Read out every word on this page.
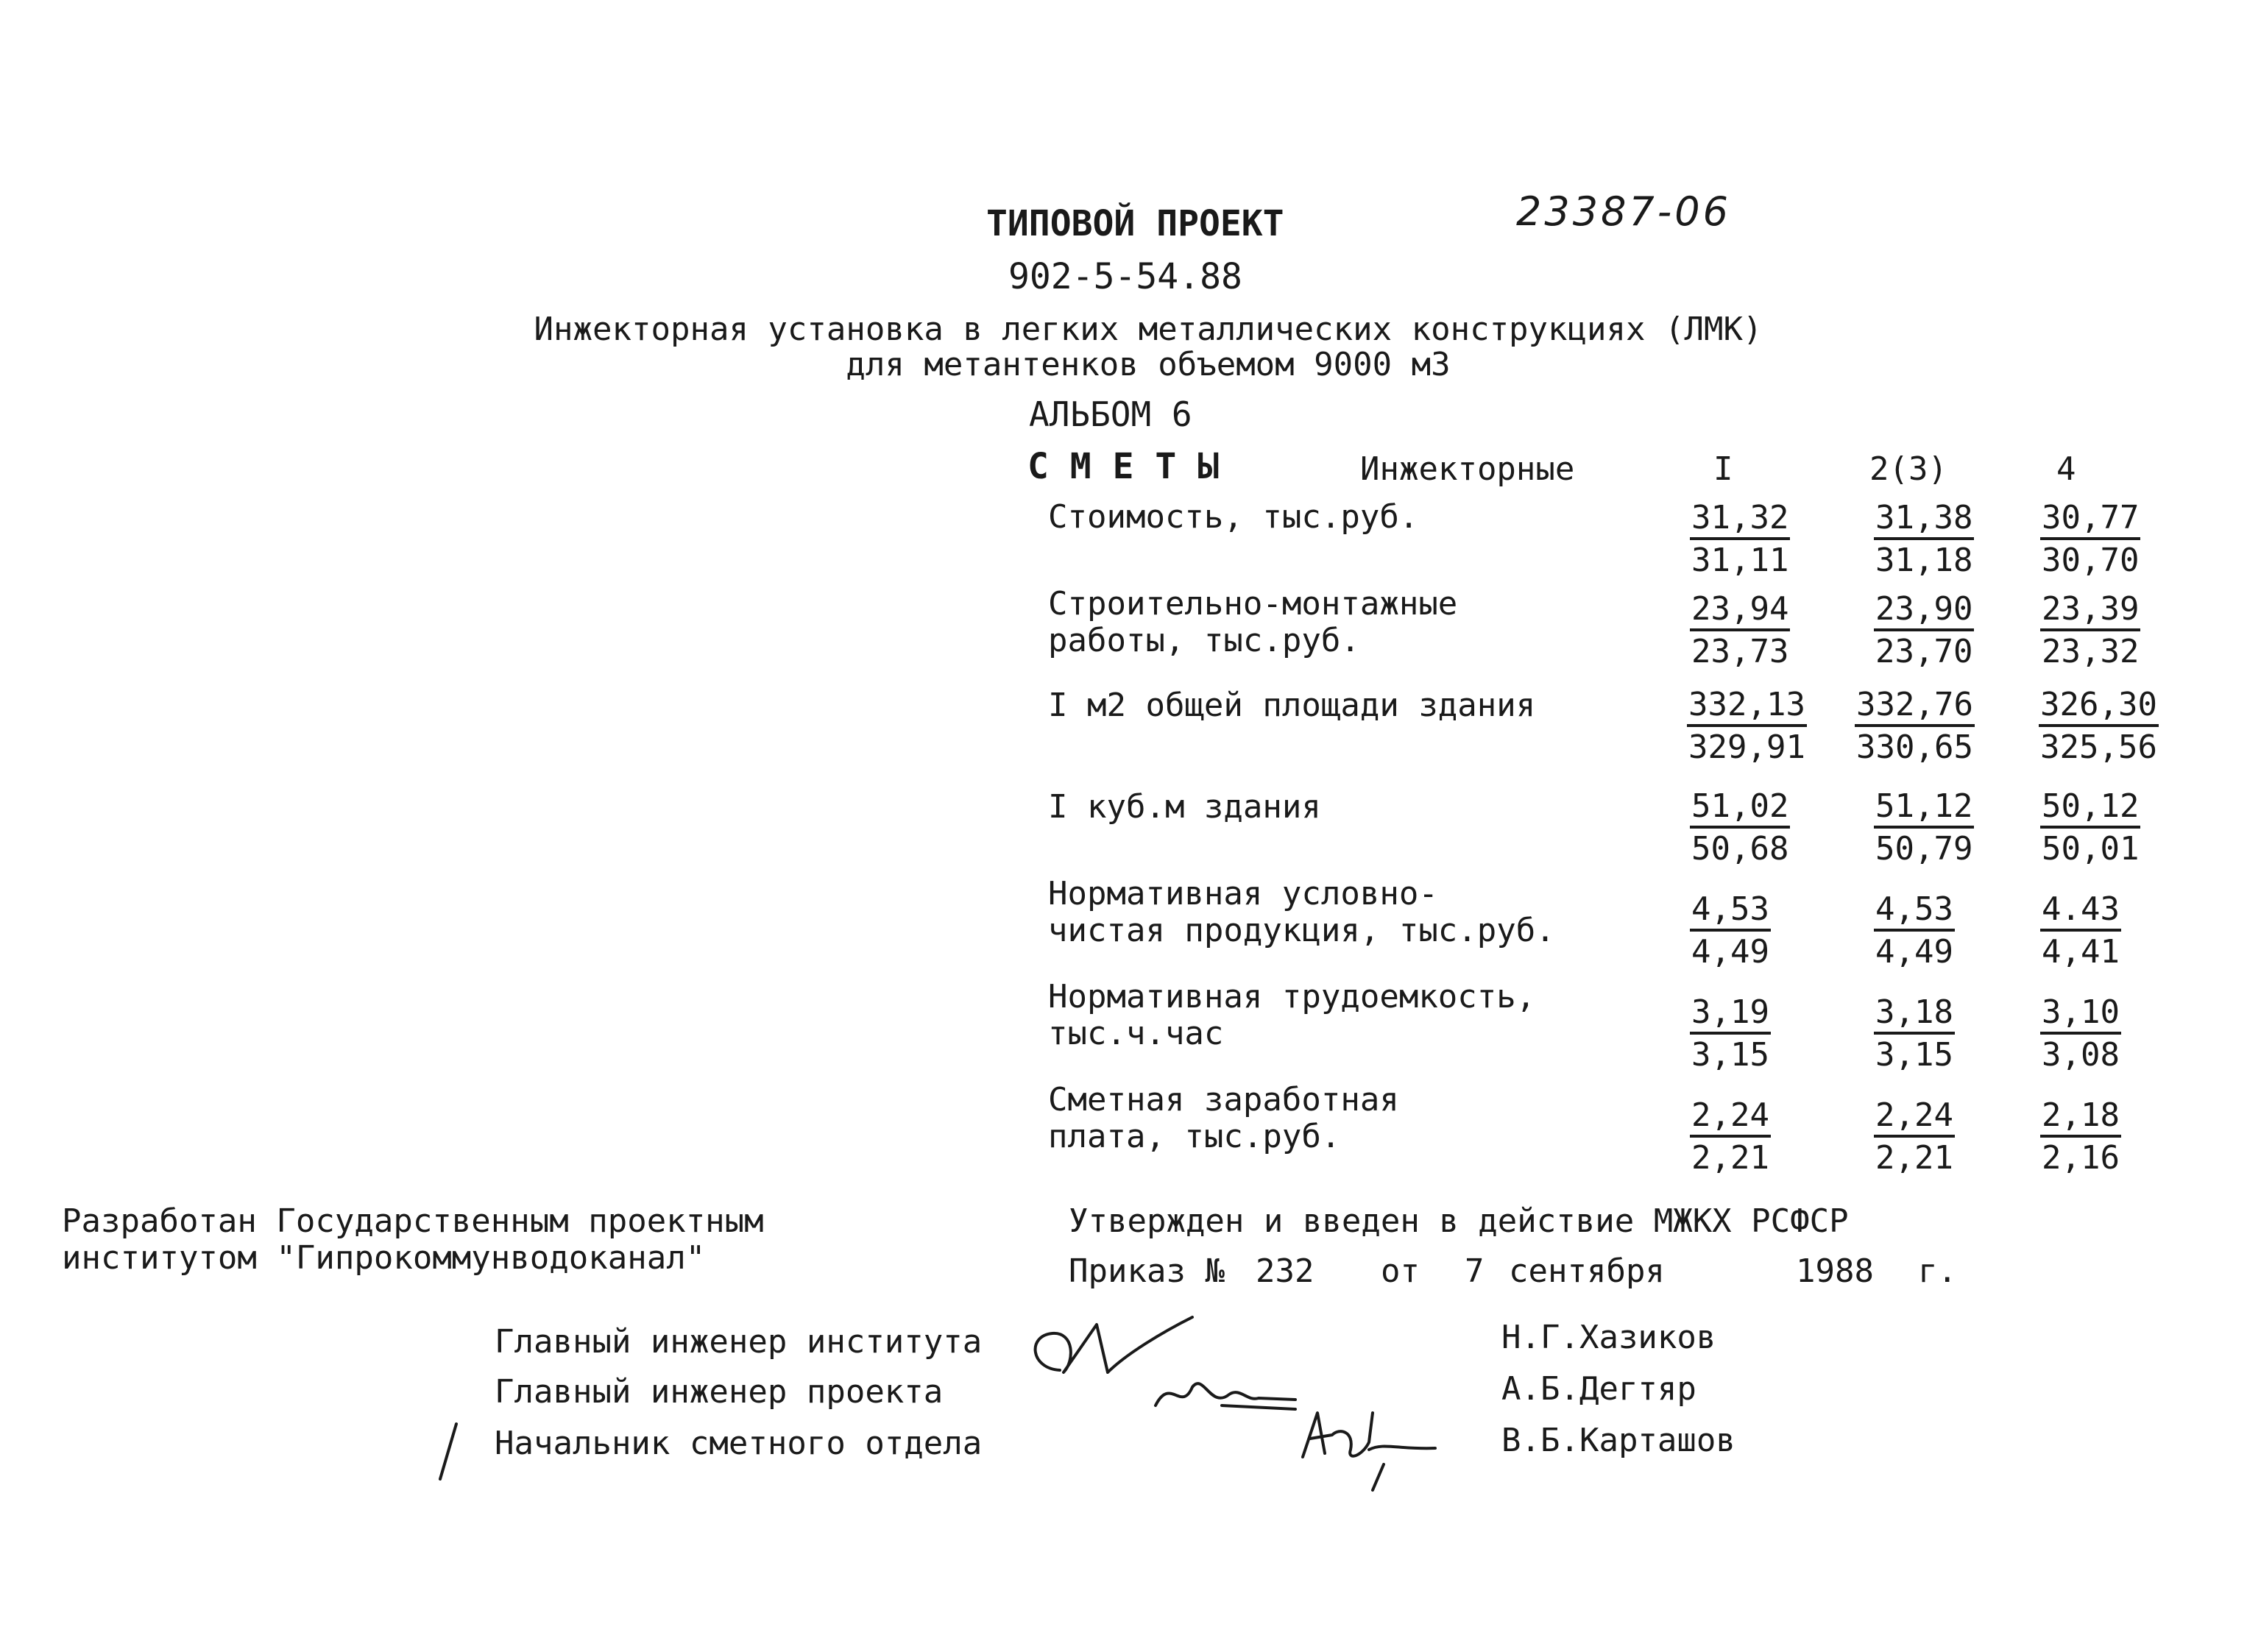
ТИПОВОЙ ПРОЕКТ	23387-06
902-5-54.88
Инжекторная установка в легких металлических конструкциях (ЛМК)
для метантенков объемом 9000 м3
АЛЬБОМ 6
С М Е Т Ы	Инжекторные	I	2(3)	4
Стоимость, тыс.руб.	$\frac{31,32}{31,11} \frac{31,38}{31,18} \frac{30,77}{30,70}$
Строительно-монтажные
работы, тыс.руб.	$\frac{23,94}{23,73} \frac{23,90}{23,70} \frac{23,39}{23,32}$
I м2 общей площади здания	$\frac{332,13}{329,91} \frac{332,76}{330,65} \frac{326,30}{325,56}$
I куб.м здания	$\frac{51,02}{50,68} \frac{51,12}{50,79} \frac{50,12}{50,01}$
Нормативная условно-
чистая продукция, тыс.руб.	$\frac{4,53}{4,49} \frac{4,53}{4,49} \frac{4.43}{4,41}$
Нормативная трудоемкость,
тыс.ч.час	$\frac{3,19}{3,15} \frac{3,18}{3,15} \frac{3,10}{3,08}$
Сметная заработная
плата, тыс.руб.	$\frac{2,24}{2,21} \frac{2,24}{2,21} \frac{2,18}{2,16}$
Разработан Государственным проектным
институтом "Гипрокоммунводоканал"
Утвержден и введен в действие МЖКХ РСФСР
Приказ № 232 от 7 сентября	1988 г.
Главный инженер института	Н.Г.Хазиков
Главный инженер проекта	А.Б.Дегтяр
Начальник сметного отдела	В.Б.Карташов
